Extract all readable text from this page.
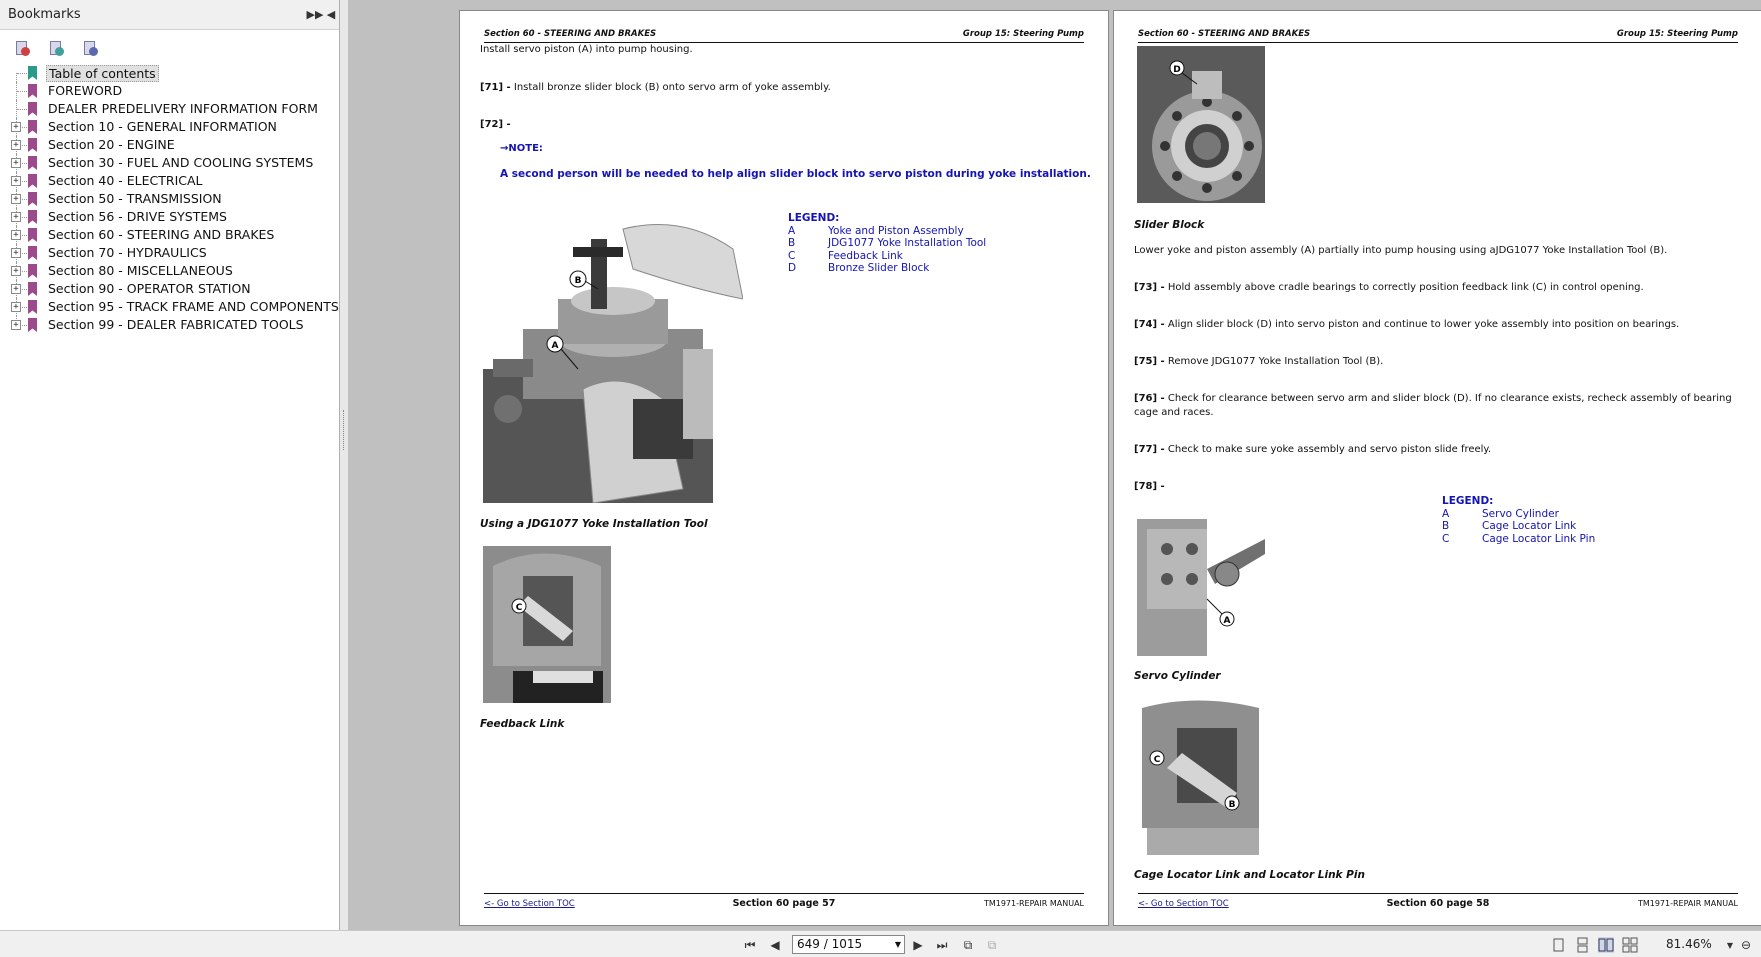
Bookmarks	▶▶ ◀
Table of contents
FOREWORD
DEALER PREDELIVERY INFORMATION FORM
+ Section 10 - GENERAL INFORMATION
+ Section 20 - ENGINE
+ Section 30 - FUEL AND COOLING SYSTEMS
+ Section 40 - ELECTRICAL
+ Section 50 - TRANSMISSION
+ Section 56 - DRIVE SYSTEMS
+ Section 60 - STEERING AND BRAKES
+ Section 70 - HYDRAULICS
+ Section 80 - MISCELLANEOUS
+ Section 90 - OPERATOR STATION
+ Section 95 - TRACK FRAME AND COMPONENTS
+ Section 99 - DEALER FABRICATED TOOLS
Section 60 - STEERING AND BRAKES	Group 15: Steering Pump
Install servo piston (A) into pump housing.
[71] - Install bronze slider block (B) onto servo arm of yoke assembly.
[72] -
→NOTE:
A second person will be needed to help align slider block into servo piston during yoke installation.
B
A
LEGEND:
A	Yoke and Piston Assembly
B	JDG1077 Yoke Installation Tool
C	Feedback Link
D	Bronze Slider Block
Using a JDG1077 Yoke Installation Tool
C
Feedback Link
<- Go to Section TOC	Section 60 page 57	TM1971-REPAIR MANUAL
Section 60 - STEERING AND BRAKES	Group 15: Steering Pump
D
Slider Block
Lower yoke and piston assembly (A) partially into pump housing using aJDG1077 Yoke Installation Tool (B).
[73] - Hold assembly above cradle bearings to correctly position feedback link (C) in control opening.
[74] - Align slider block (D) into servo piston and continue to lower yoke assembly into position on bearings.
[75] - Remove JDG1077 Yoke Installation Tool (B).
[76] - Check for clearance between servo arm and slider block (D). If no clearance exists, recheck assembly of bearing cage and races.
[77] - Check to make sure yoke assembly and servo piston slide freely.
[78] -
LEGEND:
A	Servo Cylinder
B	Cage Locator Link
C	Cage Locator Link Pin
A
Servo Cylinder
C
B
Cage Locator Link and Locator Link Pin
<- Go to Section TOC	Section 60 page 58	TM1971-REPAIR MANUAL
⏮ ◀	649 / 1015	▼ ▶ ⏭	⧉	⧉	81.46%	▼ ⊖
